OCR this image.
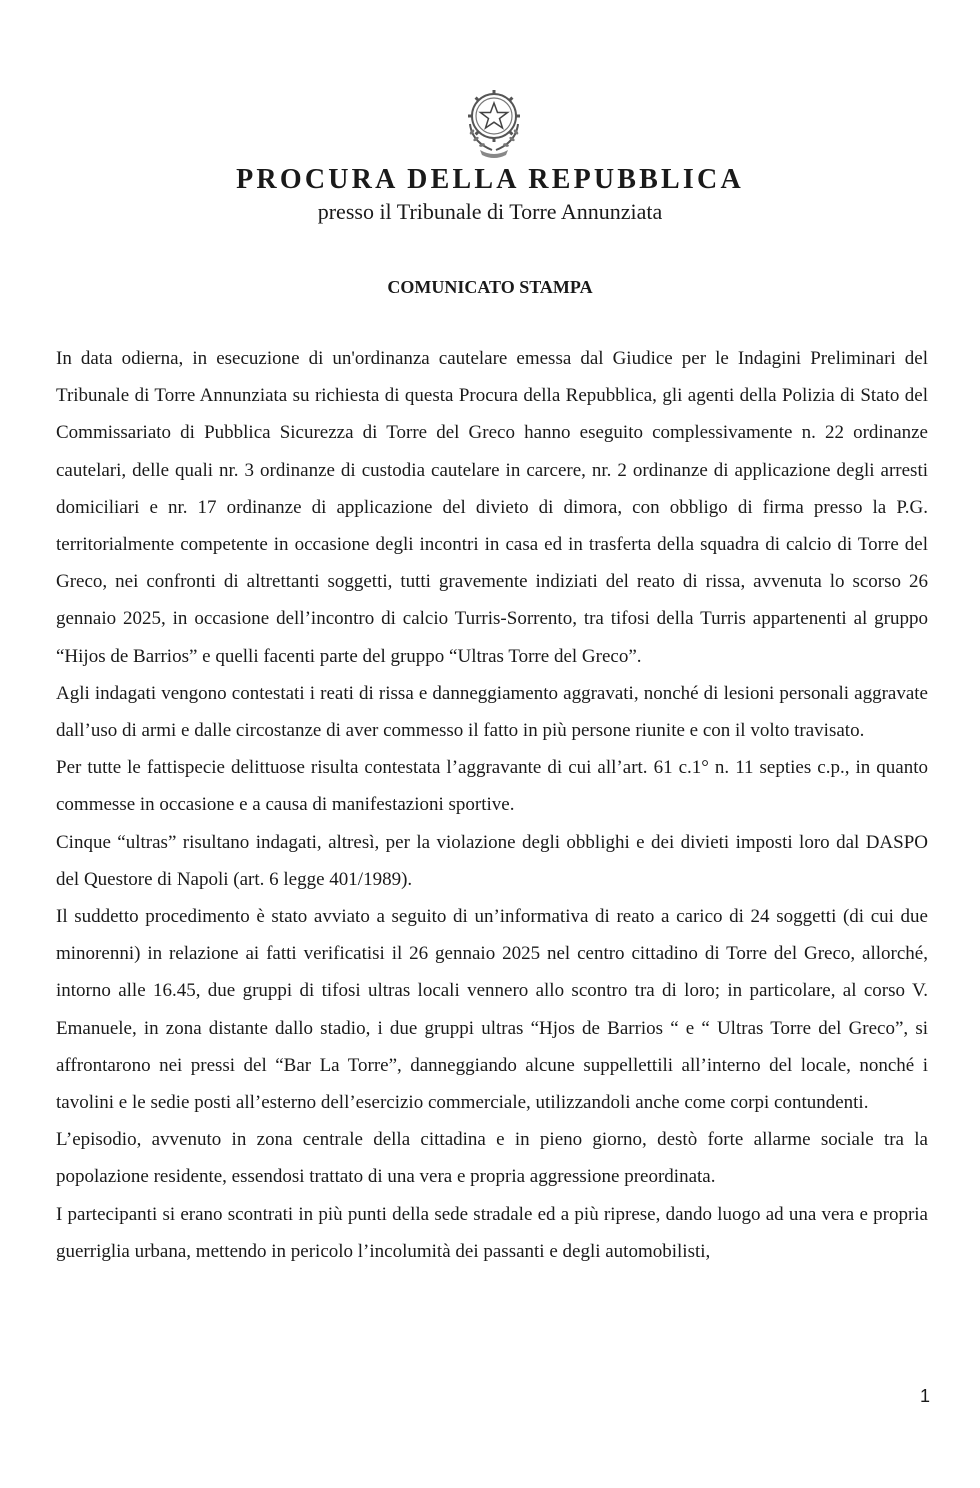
PROCURA DELLA REPUBBLICA
presso il Tribunale di Torre Annunziata
COMUNICATO STAMPA

In data odierna, in esecuzione di un'ordinanza cautelare emessa dal Giudice per le Indagini Preliminari del Tribunale di Torre Annunziata su richiesta di questa Procura della Repubblica, gli agenti della Polizia di Stato del Commissariato di Pubblica Sicurezza di Torre del Greco hanno eseguito complessivamente n. 22 ordinanze cautelari, delle quali nr. 3 ordinanze di custodia cautelare in carcere, nr. 2 ordinanze di applicazione degli arresti domiciliari e nr. 17 ordinanze di applicazione del divieto di dimora, con obbligo di firma presso la P.G. territorialmente competente in occasione degli incontri in casa ed in trasferta della squadra di calcio di Torre del Greco, nei confronti di altrettanti soggetti, tutti gravemente indiziati del reato di rissa, avvenuta lo scorso 26 gennaio 2025, in occasione dell’incontro di calcio Turris-Sorrento, tra tifosi della Turris appartenenti al gruppo “Hijos de Barrios” e quelli facenti parte del gruppo “Ultras Torre del Greco”.

Agli indagati vengono contestati i reati di rissa e danneggiamento aggravati, nonché di lesioni personali aggravate dall’uso di armi e dalle circostanze di aver commesso il fatto in più persone riunite e con il volto travisato.

Per tutte le fattispecie delittuose risulta contestata l’aggravante di cui all’art. 61 c.1° n. 11 septies c.p., in quanto commesse in occasione e a causa di manifestazioni sportive.

Cinque “ultras” risultano indagati, altresì, per la violazione degli obblighi e dei divieti imposti loro dal DASPO del Questore di Napoli (art. 6 legge 401/1989).

Il suddetto procedimento è stato avviato a seguito di un’informativa di reato a carico di 24 soggetti (di cui due minorenni) in relazione ai fatti verificatisi il 26 gennaio 2025 nel centro cittadino di Torre del Greco, allorché, intorno alle 16.45, due gruppi di tifosi ultras locali vennero allo scontro tra di loro; in particolare, al corso V. Emanuele, in zona distante dallo stadio, i due gruppi ultras “Hjos de Barrios “ e “ Ultras Torre del Greco”, si affrontarono nei pressi del “Bar La Torre”, danneggiando alcune suppellettili all’interno del locale, nonché i tavolini e le sedie posti all’esterno dell’esercizio commerciale, utilizzandoli anche come corpi contundenti.

L’episodio, avvenuto in zona centrale della cittadina e in pieno giorno, destò forte allarme sociale tra la popolazione residente, essendosi trattato di una vera e propria aggressione preordinata.

I partecipanti si erano scontrati in più punti della sede stradale ed a più riprese, dando luogo ad una vera e propria guerriglia urbana, mettendo in pericolo l’incolumità dei passanti e degli automobilisti,

1
